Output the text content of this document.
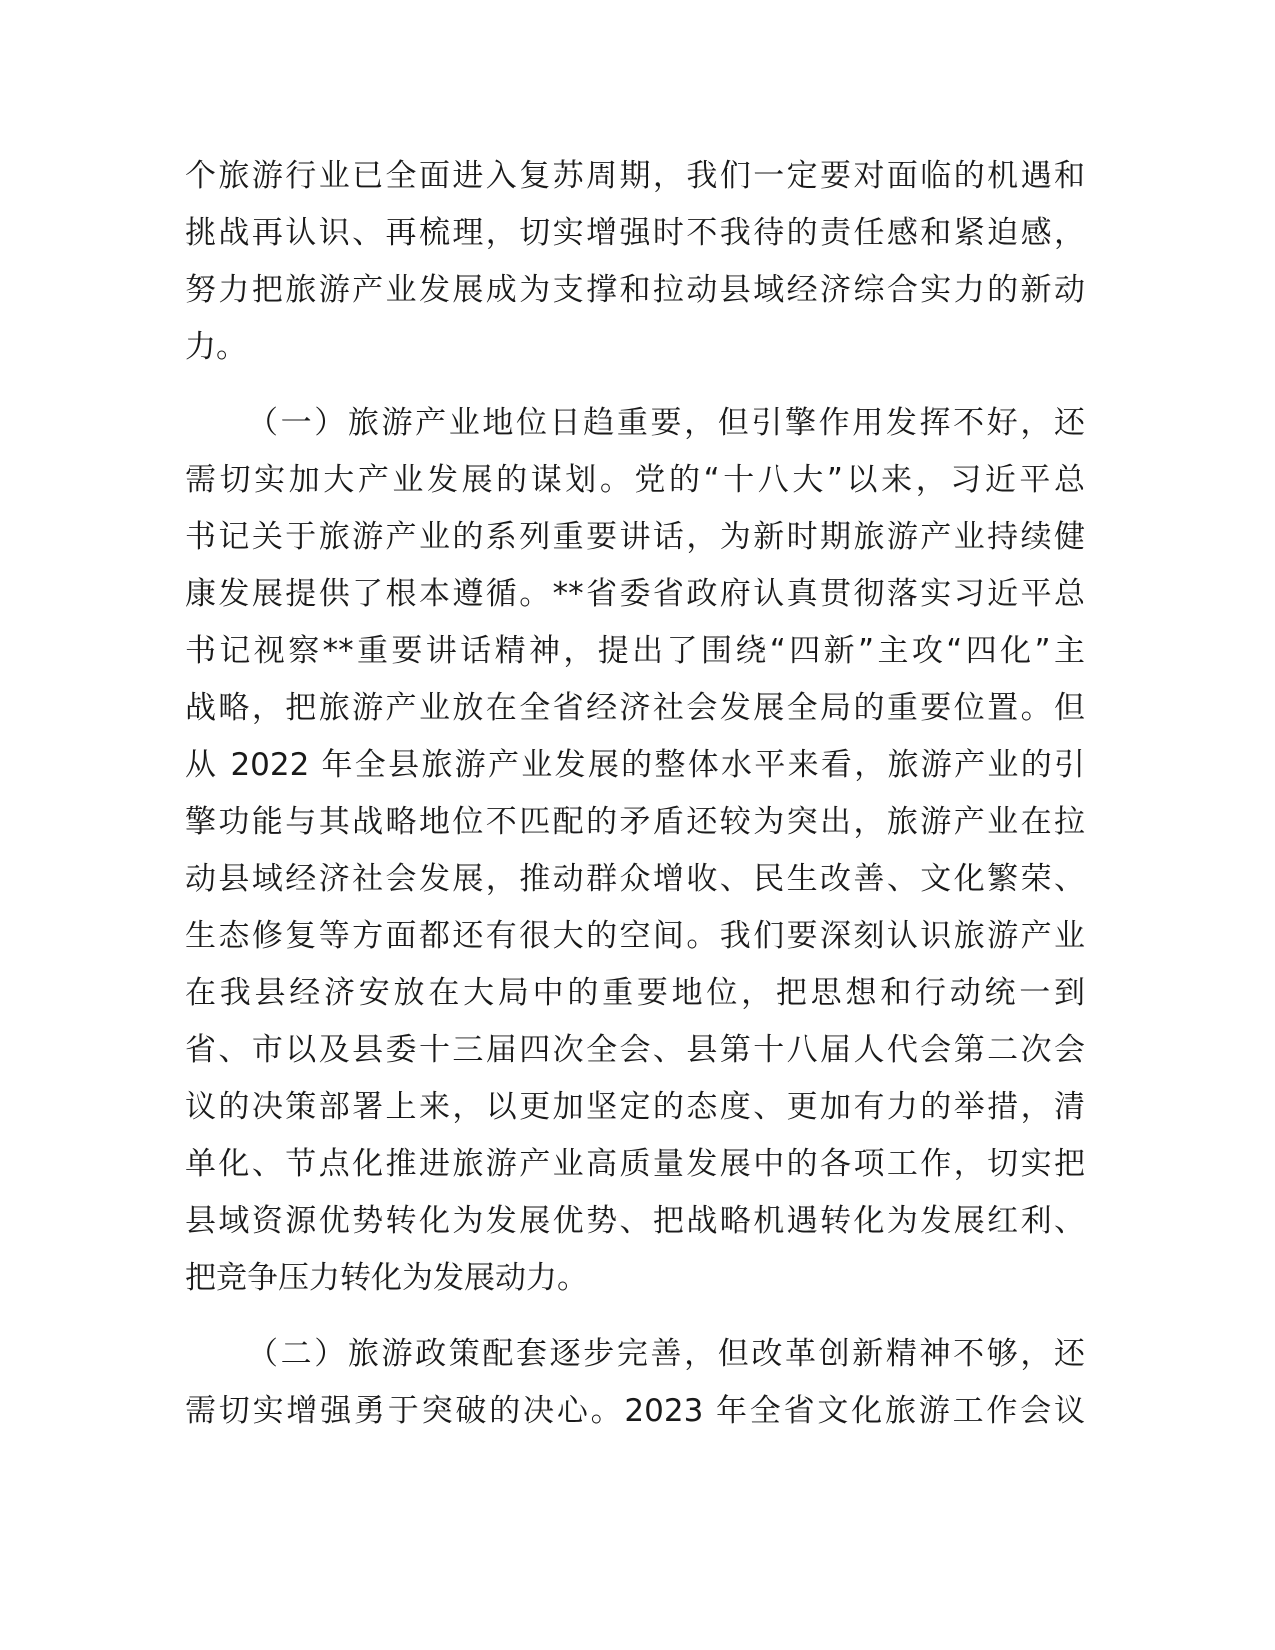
个旅游行业已全面进入复苏周期，我们一定要对面临的机遇和
挑战再认识、再梳理，切实增强时不我待的责任感和紧迫感，
努力把旅游产业发展成为支撑和拉动县域经济综合实力的新动
力。
（一）旅游产业地位日趋重要，但引擎作用发挥不好，还
需切实加大产业发展的谋划。党的“十八大”以来，习近平总
书记关于旅游产业的系列重要讲话，为新时期旅游产业持续健
康发展提供了根本遵循。**省委省政府认真贯彻落实习近平总
书记视察**重要讲话精神，提出了围绕“四新”主攻“四化”主
战略，把旅游产业放在全省经济社会发展全局的重要位置。但
从 2022 年全县旅游产业发展的整体水平来看，旅游产业的引
擎功能与其战略地位不匹配的矛盾还较为突出，旅游产业在拉
动县域经济社会发展，推动群众增收、民生改善、文化繁荣、
生态修复等方面都还有很大的空间。我们要深刻认识旅游产业
在我县经济安放在大局中的重要地位，把思想和行动统一到
省、市以及县委十三届四次全会、县第十八届人代会第二次会
议的决策部署上来，以更加坚定的态度、更加有力的举措，清
单化、节点化推进旅游产业高质量发展中的各项工作，切实把
县域资源优势转化为发展优势、把战略机遇转化为发展红利、
把竞争压力转化为发展动力。
（二）旅游政策配套逐步完善，但改革创新精神不够，还
需切实增强勇于突破的决心。2023 年全省文化旅游工作会议
